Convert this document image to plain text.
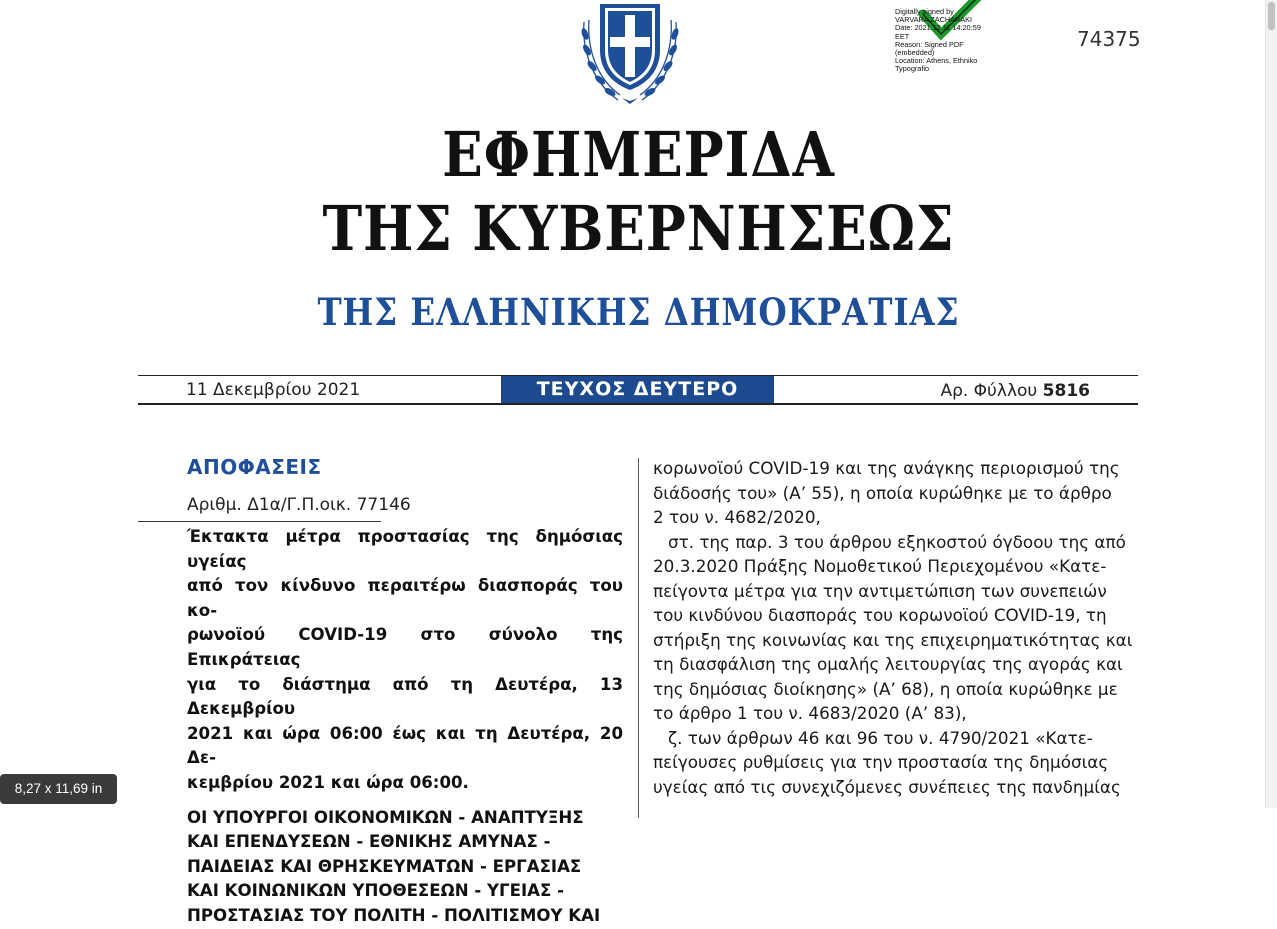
74375
Digitally signed by
VARVARA ZACHARAKI
Date: 2021.12.11 14:20:59
EET
Reason: Signed PDF
(embedded)
Location: Athens, Ethniko
Typografio
ΕΦΗΜΕΡΙΔΑ
ΤΗΣ ΚΥΒΕΡΝΗΣΕΩΣ
ΤΗΣ ΕΛΛΗΝΙΚΗΣ ΔΗΜΟΚΡΑΤΙΑΣ
11 Δεκεμβρίου 2021	ΤΕΥΧΟΣ ΔΕΥΤΕΡΟ	Αρ. Φύλλου 5816
ΑΠΟΦΑΣΕΙΣ
Αριθμ. Δ1α/Γ.Π.οικ. 77146
Έκτακτα μέτρα προστασίας της δημόσιας υγείας
από τον κίνδυνο περαιτέρω διασποράς του κο-
ρωνοϊού COVID-19 στο σύνολο της Επικράτειας
για το διάστημα από τη Δευτέρα, 13 Δεκεμβρίου
2021 και ώρα 06:00 έως και τη Δευτέρα, 20 Δε-
κεμβρίου 2021 και ώρα 06:00.
ΟΙ ΥΠΟΥΡΓΟΙ ΟΙΚΟΝΟΜΙΚΩΝ - ΑΝΑΠΤΥΞΗΣ
ΚΑΙ ΕΠΕΝΔΥΣΕΩΝ - ΕΘΝΙΚΗΣ ΑΜΥΝΑΣ -
ΠΑΙΔΕΙΑΣ ΚΑΙ ΘΡΗΣΚΕΥΜΑΤΩΝ - ΕΡΓΑΣΙΑΣ
ΚΑΙ ΚΟΙΝΩΝΙΚΩΝ ΥΠΟΘΕΣΕΩΝ - ΥΓΕΙΑΣ -
ΠΡΟΣΤΑΣΙΑΣ ΤΟΥ ΠΟΛΙΤΗ - ΠΟΛΙΤΙΣΜΟΥ ΚΑΙ
κορωνοϊού COVID-19 και της ανάγκης περιορισμού της
διάδοσής του» (Α’ 55), η οποία κυρώθηκε με το άρθρο
2 του ν. 4682/2020,
στ. της παρ. 3 του άρθρου εξηκοστού όγδοου της από
20.3.2020 Πράξης Νομοθετικού Περιεχομένου «Κατε-
πείγοντα μέτρα για την αντιμετώπιση των συνεπειών
του κινδύνου διασποράς του κορωνοϊού COVID-19, τη
στήριξη της κοινωνίας και της επιχειρηματικότητας και
τη διασφάλιση της ομαλής λειτουργίας της αγοράς και
της δημόσιας διοίκησης» (Α’ 68), η οποία κυρώθηκε με
το άρθρο 1 του ν. 4683/2020 (Α’ 83),
ζ. των άρθρων 46 και 96 του ν. 4790/2021 «Κατε-
πείγουσες ρυθμίσεις για την προστασία της δημόσιας
υγείας από τις συνεχιζόμενες συνέπειες της πανδημίας
8,27 x 11,69 in
